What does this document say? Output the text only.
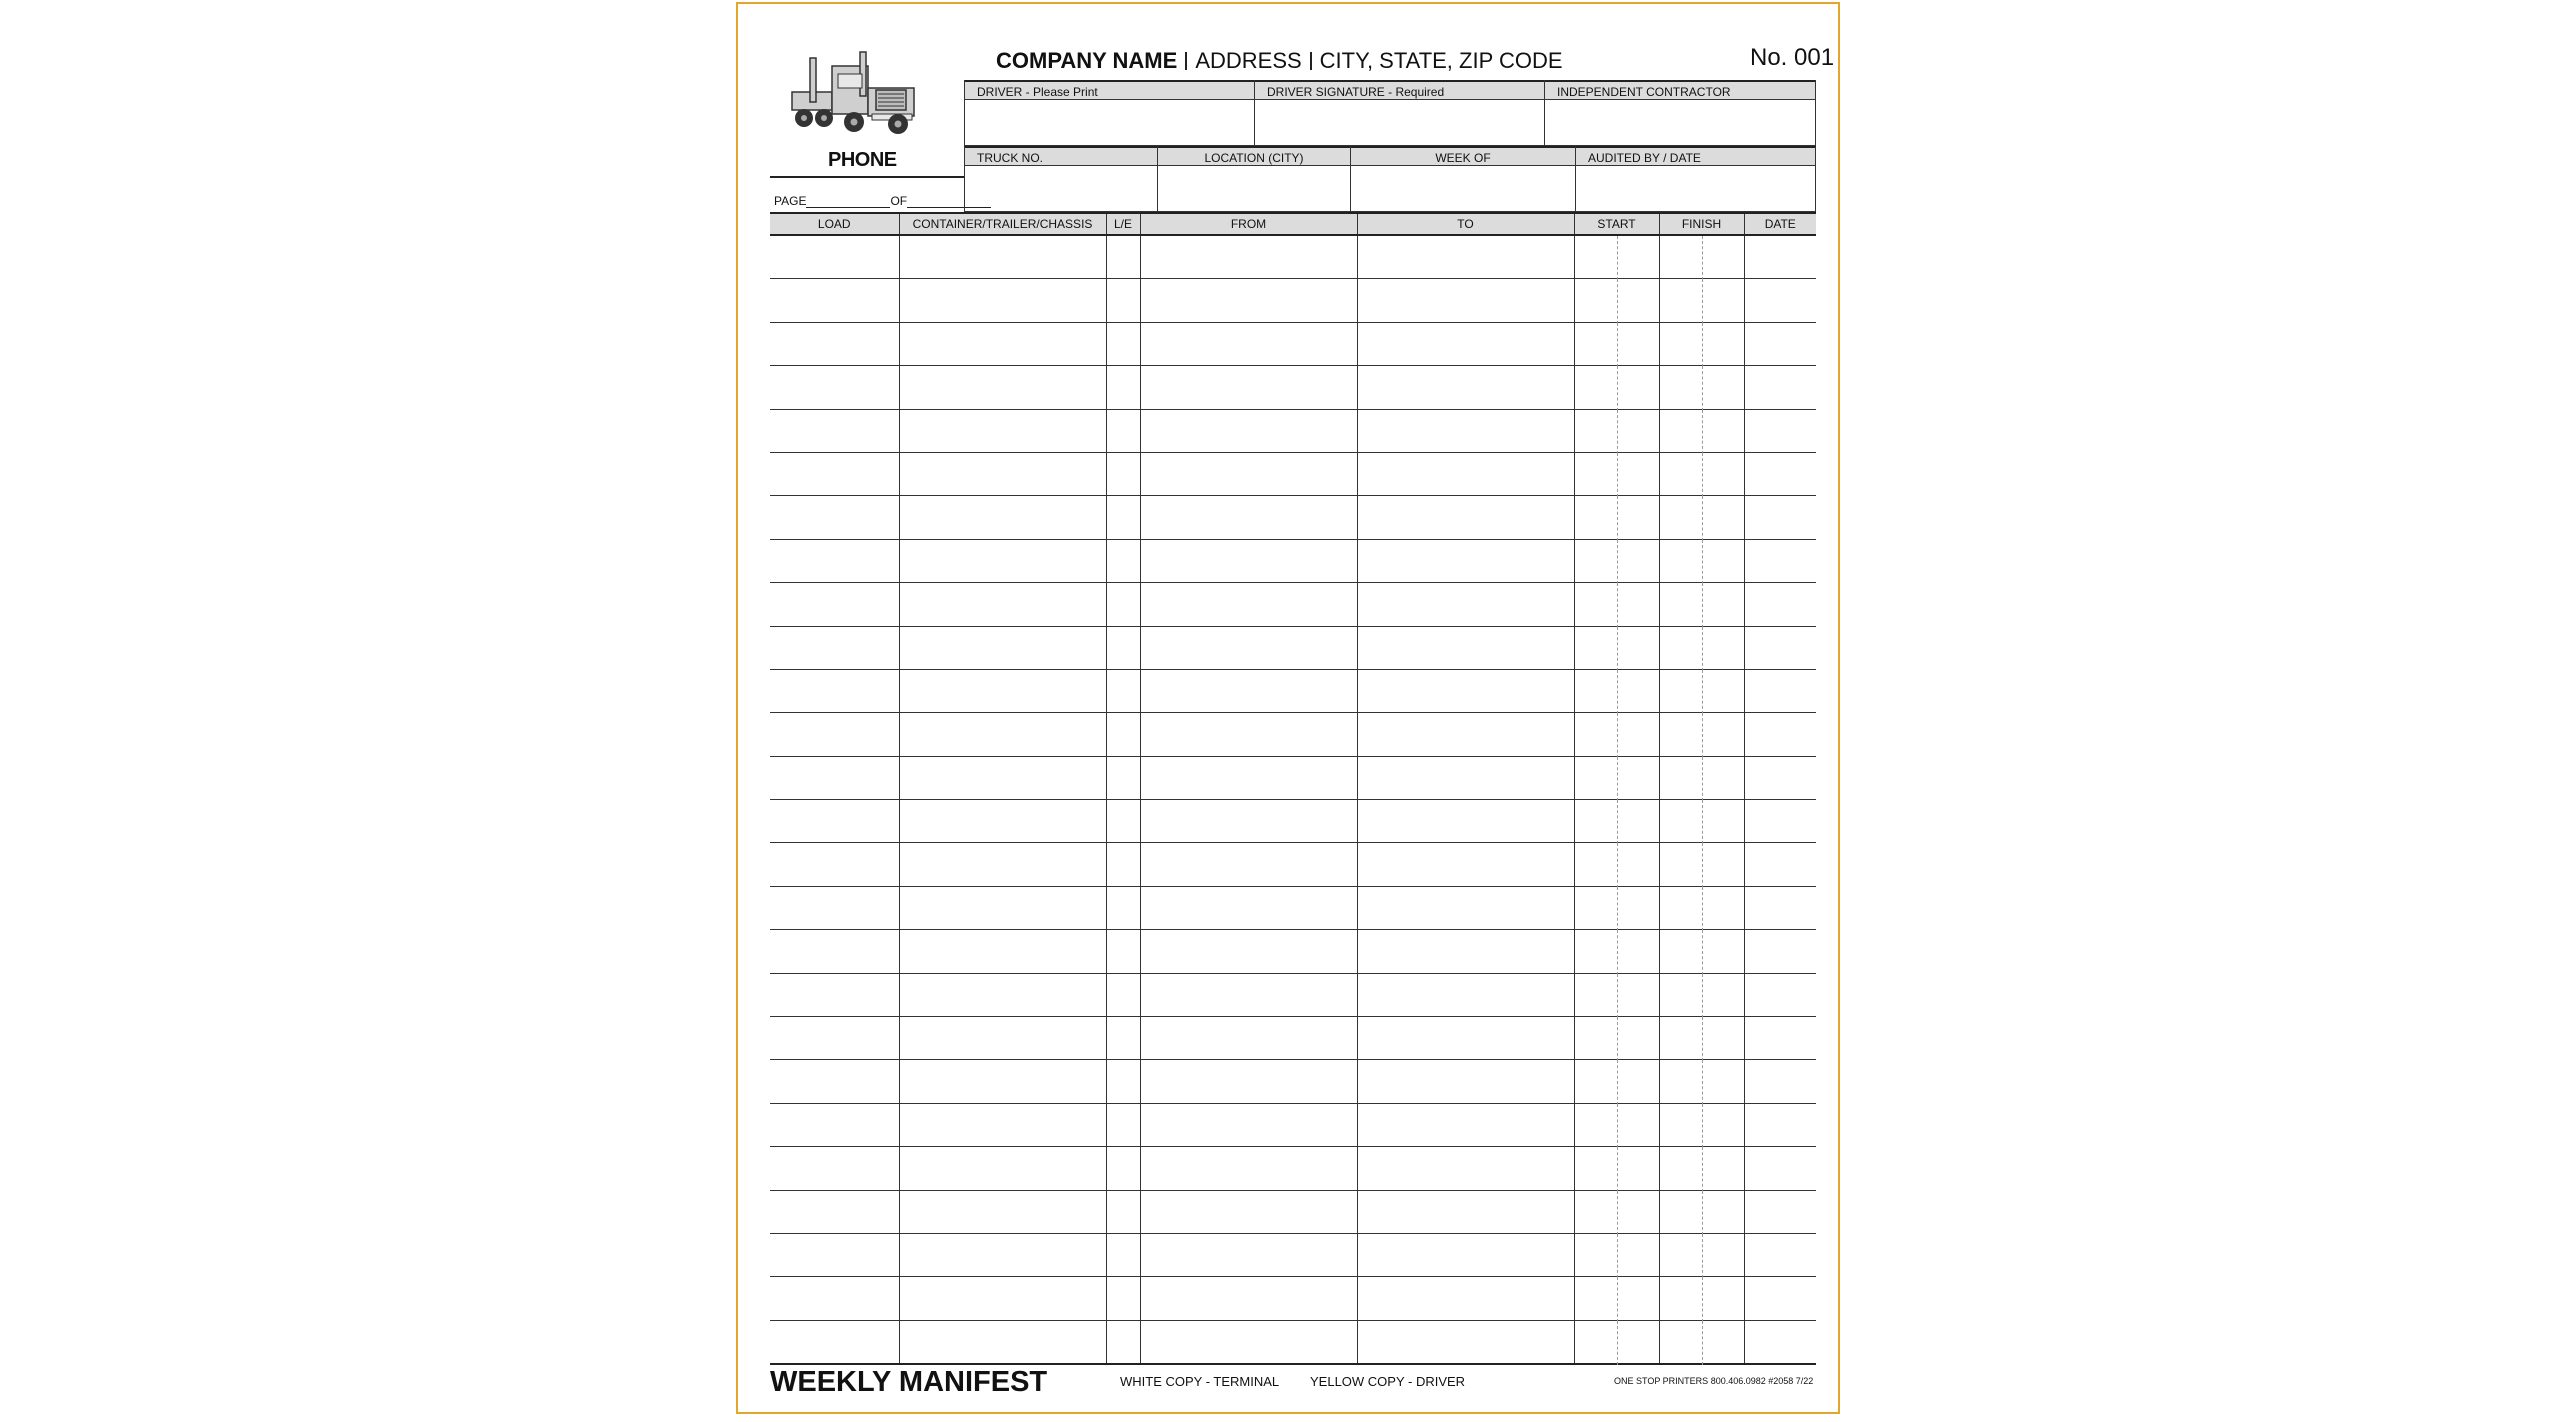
PHONE
PAGE	OF
COMPANY NAME ADDRESS CITY, STATE, ZIP CODE	No. 001
DRIVER - Please Print	DRIVER SIGNATURE - Required	INDEPENDENT CONTRACTOR
TRUCK NO.	LOCATION (CITY)	WEEK OF	AUDITED BY / DATE
LOAD	CONTAINER/TRAILER/CHASSIS	L/E	FROM	TO	START	FINISH	DATE

WEEKLY MANIFEST	WHITE COPY - TERMINAL YELLOW COPY - DRIVER	ONE STOP PRINTERS 800.406.0982 #2058 7/22
